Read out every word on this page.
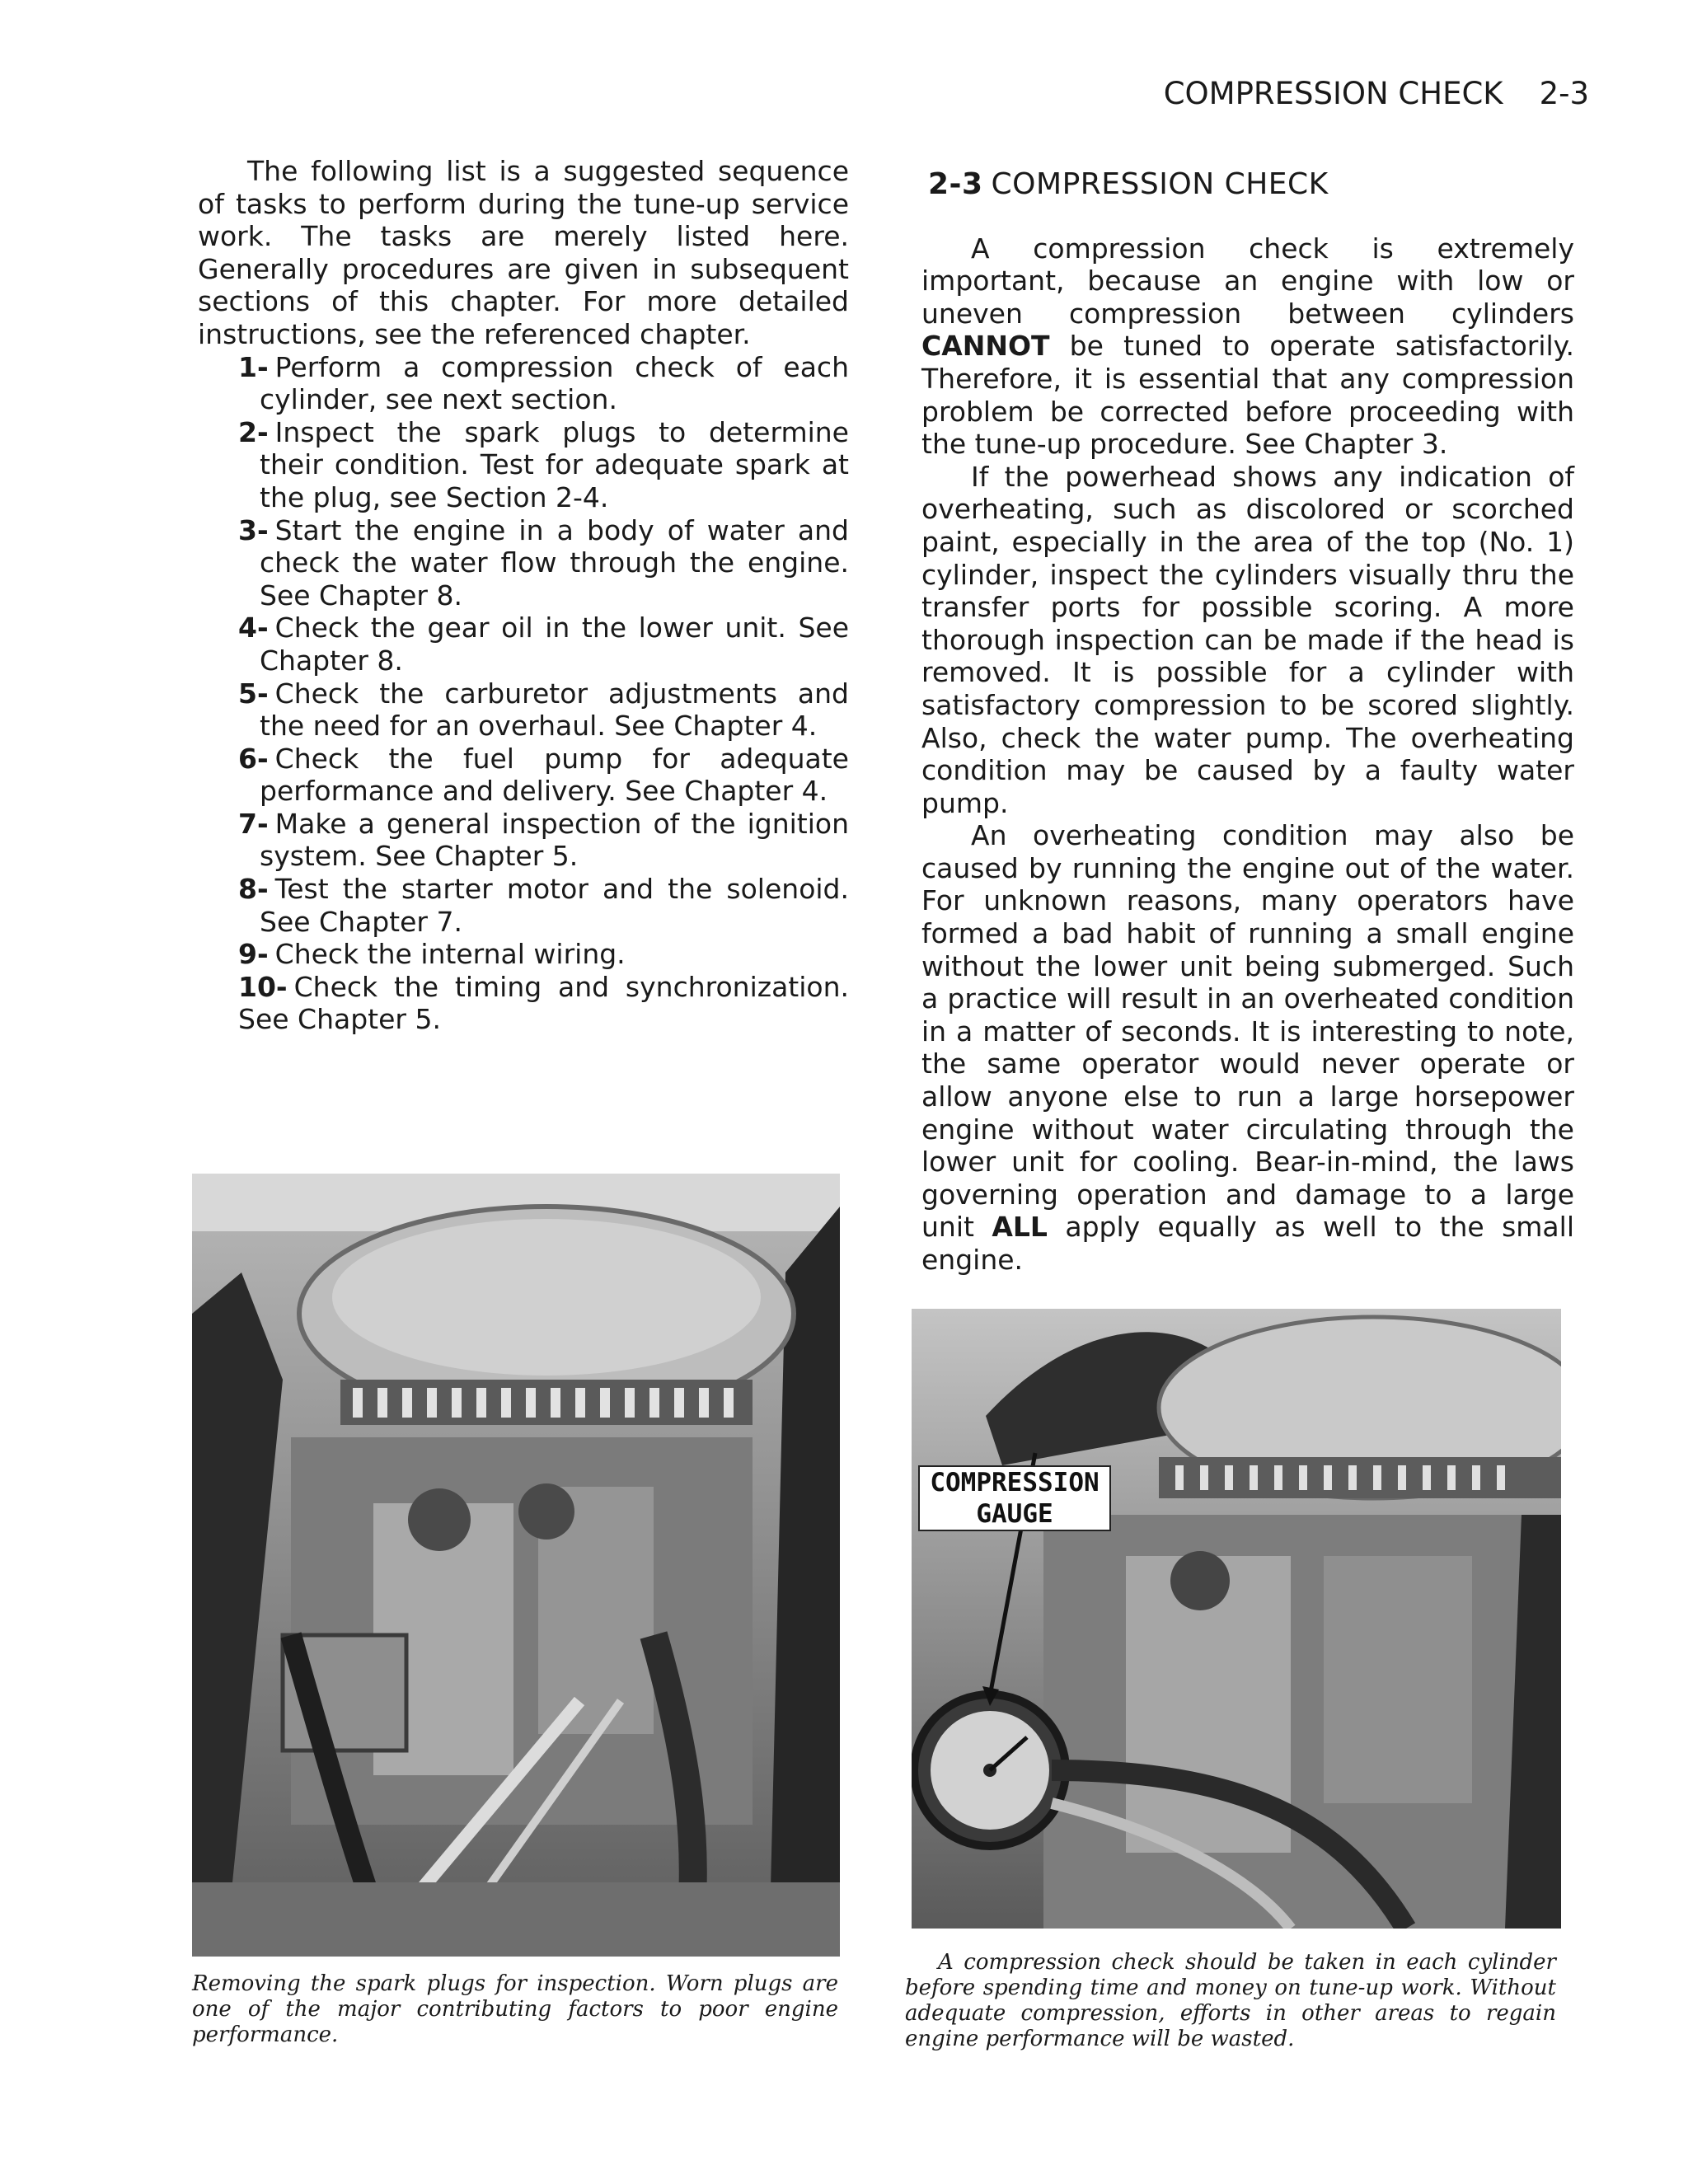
COMPRESSION CHECK 2-3

The following list is a suggested sequence of tasks to perform during the tune-up service work. The tasks are merely listed here. Generally procedures are given in subsequent sections of this chapter. For more detailed instructions, see the referenced chapter.

1- Perform a compression check of each cylinder, see next section.
2- Inspect the spark plugs to determine their condition. Test for adequate spark at the plug, see Section 2-4.
3- Start the engine in a body of water and check the water flow through the engine. See Chapter 8.
4- Check the gear oil in the lower unit. See Chapter 8.
5- Check the carburetor adjustments and the need for an overhaul. See Chapter 4.
6- Check the fuel pump for adequate performance and delivery. See Chapter 4.
7- Make a general inspection of the ignition system. See Chapter 5.
8- Test the starter motor and the solenoid. See Chapter 7.
9- Check the internal wiring.
10- Check the timing and synchronization. See Chapter 5.
2-3 COMPRESSION CHECK

A compression check is extremely important, because an engine with low or uneven compression between cylinders CANNOT be tuned to operate satisfactorily. Therefore, it is essential that any compression problem be corrected before proceeding with the tune-up procedure. See Chapter 3.

If the powerhead shows any indication of overheating, such as discolored or scorched paint, especially in the area of the top (No. 1) cylinder, inspect the cylinders visually thru the transfer ports for possible scoring. A more thorough inspection can be made if the head is removed. It is possible for a cylinder with satisfactory compression to be scored slightly. Also, check the water pump. The overheating condition may be caused by a faulty water pump.

An overheating condition may also be caused by running the engine out of the water. For unknown reasons, many operators have formed a bad habit of running a small engine without the lower unit being submerged. Such a practice will result in an overheated condition in a matter of seconds. It is interesting to note, the same operator would never operate or allow anyone else to run a large horsepower engine without water circulating through the lower unit for cooling. Bear-in-mind, the laws governing operation and damage to a large unit ALL apply equally as well to the small engine.

COMPRESSION
GAUGE
Removing the spark plugs for inspection. Worn plugs are one of the major contributing factors to poor engine performance.
A compression check should be taken in each cylinder before spending time and money on tune-up work. Without adequate compression, efforts in other areas to regain engine performance will be wasted.
